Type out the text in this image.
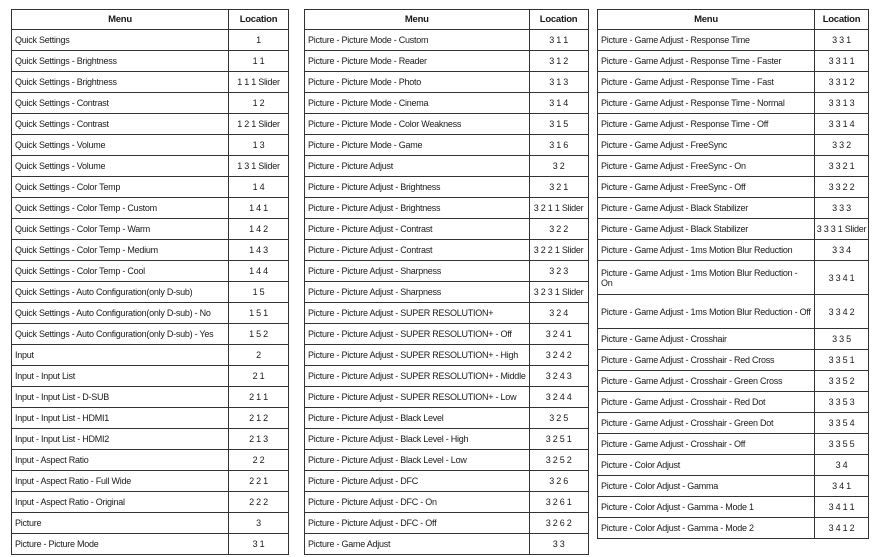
Menu	Location
Quick Settings	1
Quick Settings - Brightness	1 1
Quick Settings - Brightness	1 1 1 Slider
Quick Settings - Contrast	1 2
Quick Settings - Contrast	1 2 1 Slider
Quick Settings - Volume	1 3
Quick Settings - Volume	1 3 1 Slider
Quick Settings - Color Temp	1 4
Quick Settings - Color Temp - Custom	1 4 1
Quick Settings - Color Temp - Warm	1 4 2
Quick Settings - Color Temp - Medium	1 4 3
Quick Settings - Color Temp - Cool	1 4 4
Quick Settings - Auto Configuration(only D-sub)	1 5
Quick Settings - Auto Configuration(only D-sub) - No	1 5 1
Quick Settings - Auto Configuration(only D-sub) - Yes	1 5 2
Input	2
Input - Input List	2 1
Input - Input List - D-SUB	2 1 1
Input - Input List - HDMI1	2 1 2
Input - Input List - HDMI2	2 1 3
Input - Aspect Ratio	2 2
Input - Aspect Ratio - Full Wide	2 2 1
Input - Aspect Ratio - Original	2 2 2
Picture	3
Picture - Picture Mode	3 1
Menu	Location
Picture - Picture Mode - Custom	3 1 1
Picture - Picture Mode - Reader	3 1 2
Picture - Picture Mode - Photo	3 1 3
Picture - Picture Mode - Cinema	3 1 4
Picture - Picture Mode - Color Weakness	3 1 5
Picture - Picture Mode - Game	3 1 6
Picture - Picture Adjust	3 2
Picture - Picture Adjust - Brightness	3 2 1
Picture - Picture Adjust - Brightness	3 2 1 1 Slider
Picture - Picture Adjust - Contrast	3 2 2
Picture - Picture Adjust - Contrast	3 2 2 1 Slider
Picture - Picture Adjust - Sharpness	3 2 3
Picture - Picture Adjust - Sharpness	3 2 3 1 Slider
Picture - Picture Adjust - SUPER RESOLUTION+	3 2 4
Picture - Picture Adjust - SUPER RESOLUTION+ - Off	3 2 4 1
Picture - Picture Adjust - SUPER RESOLUTION+ - High	3 2 4 2
Picture - Picture Adjust - SUPER RESOLUTION+ - Middle	3 2 4 3
Picture - Picture Adjust - SUPER RESOLUTION+ - Low	3 2 4 4
Picture - Picture Adjust - Black Level	3 2 5
Picture - Picture Adjust - Black Level - High	3 2 5 1
Picture - Picture Adjust - Black Level - Low	3 2 5 2
Picture - Picture Adjust - DFC	3 2 6
Picture - Picture Adjust - DFC - On	3 2 6 1
Picture - Picture Adjust - DFC - Off	3 2 6 2
Picture - Game Adjust	3 3
Menu	Location
Picture - Game Adjust - Response Time	3 3 1
Picture - Game Adjust - Response Time - Faster	3 3 1 1
Picture - Game Adjust - Response Time - Fast	3 3 1 2
Picture - Game Adjust - Response Time - Normal	3 3 1 3
Picture - Game Adjust - Response Time - Off	3 3 1 4
Picture - Game Adjust - FreeSync	3 3 2
Picture - Game Adjust - FreeSync - On	3 3 2 1
Picture - Game Adjust - FreeSync - Off	3 3 2 2
Picture - Game Adjust - Black Stabilizer	3 3 3
Picture - Game Adjust - Black Stabilizer	3 3 3 1 Slider
Picture - Game Adjust - 1ms Motion Blur Reduction	3 3 4
Picture - Game Adjust - 1ms Motion Blur Reduction - On	3 3 4 1
Picture - Game Adjust - 1ms Motion Blur Reduction - Off	3 3 4 2
Picture - Game Adjust - Crosshair	3 3 5
Picture - Game Adjust - Crosshair - Red Cross	3 3 5 1
Picture - Game Adjust - Crosshair - Green Cross	3 3 5 2
Picture - Game Adjust - Crosshair - Red Dot	3 3 5 3
Picture - Game Adjust - Crosshair - Green Dot	3 3 5 4
Picture - Game Adjust - Crosshair - Off	3 3 5 5
Picture - Color Adjust	3 4
Picture - Color Adjust - Gamma	3 4 1
Picture - Color Adjust - Gamma - Mode 1	3 4 1 1
Picture - Color Adjust - Gamma - Mode 2	3 4 1 2
